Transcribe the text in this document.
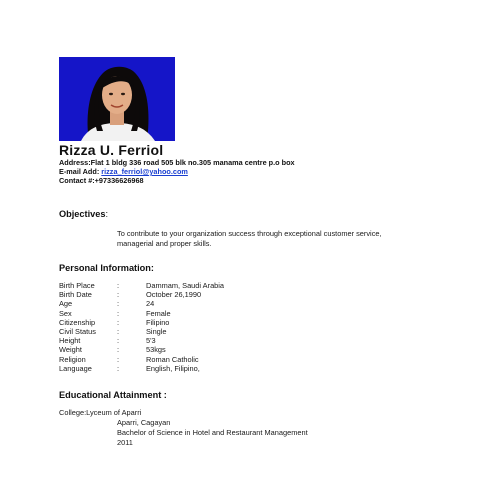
Rizza U. Ferriol
Address:Flat 1 bldg 336 road 505 blk no.305 manama centre p.o box
E-mail Add: rizza_ferriol@yahoo.com
Contact #:+97336626968
Objectives:
To contribute to your organization success through exceptional customer service, managerial and proper skills.
Personal Information:
Birth Place	:	Dammam, Saudi Arabia
Birth Date	:	October 26,1990
Age	:	24
Sex	:	Female
Citizenship	:	Filipino
Civil Status	:	Single
Height	:	5'3
Weight	:	53kgs
Religion	:	Roman Catholic
Language	:	English, Filipino,
Educational Attainment :
College:Lyceum of Aparri
Aparri, Cagayan
Bachelor of Science in Hotel and Restaurant Management
2011
